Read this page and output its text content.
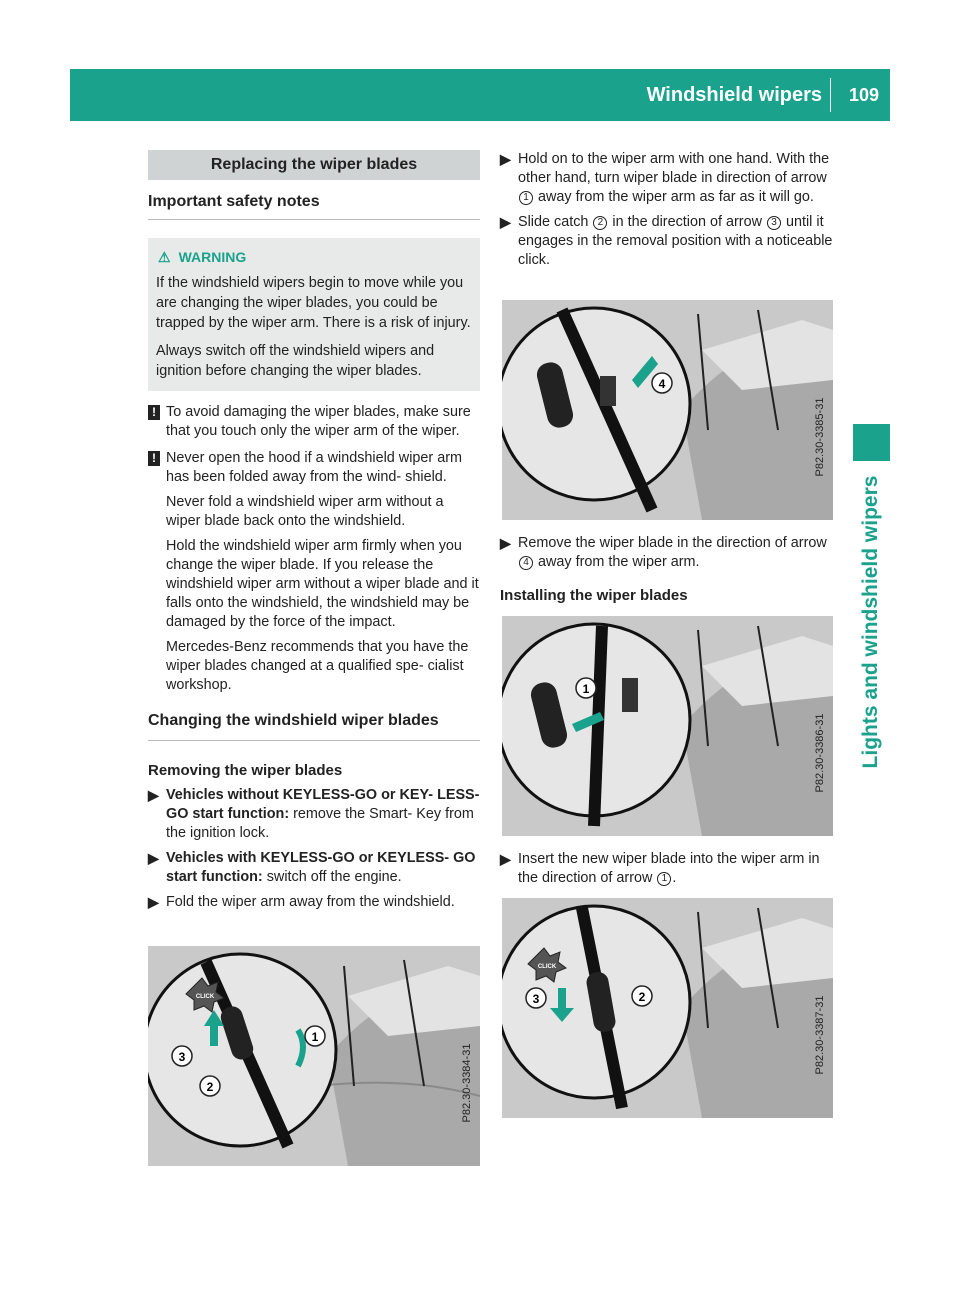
Windshield wipers	109
Lights and windshield wipers
Replacing the wiper blades
Important safety notes
⚠ WARNING

If the windshield wipers begin to move while you are changing the wiper blades, you could be trapped by the wiper arm. There is a risk of injury.

Always switch off the windshield wipers and ignition before changing the wiper blades.

! To avoid damaging the wiper blades, make sure that you touch only the wiper arm of the wiper.

! Never open the hood if a windshield wiper arm has been folded away from the wind- shield.

Never fold a windshield wiper arm without a wiper blade back onto the windshield.

Hold the windshield wiper arm firmly when you change the wiper blade. If you release the windshield wiper arm without a wiper blade and it falls onto the windshield, the windshield may be damaged by the force of the impact.

Mercedes-Benz recommends that you have the wiper blades changed at a qualified spe- cialist workshop.

Changing the windshield wiper blades
Removing the wiper blades
▶ Vehicles without KEYLESS-GO or KEY- LESS-GO start function: remove the Smart- Key from the ignition lock.
▶ Vehicles with KEYLESS-GO or KEYLESS- GO start function: switch off the engine.
▶ Fold the wiper arm away from the windshield.
1
3
2
CLICK
P82.30-3384-31
▶ Hold on to the wiper arm with one hand. With the other hand, turn wiper blade in direction of arrow 1 away from the wiper arm as far as it will go.
▶ Slide catch 2 in the direction of arrow 3 until it engages in the removal position with a noticeable click.
4
P82.30-3385-31
▶ Remove the wiper blade in the direction of arrow 4 away from the wiper arm.
Installing the wiper blades
1
P82.30-3386-31
▶ Insert the new wiper blade into the wiper arm in the direction of arrow 1 .
3	2
CLICK
P82.30-3387-31
